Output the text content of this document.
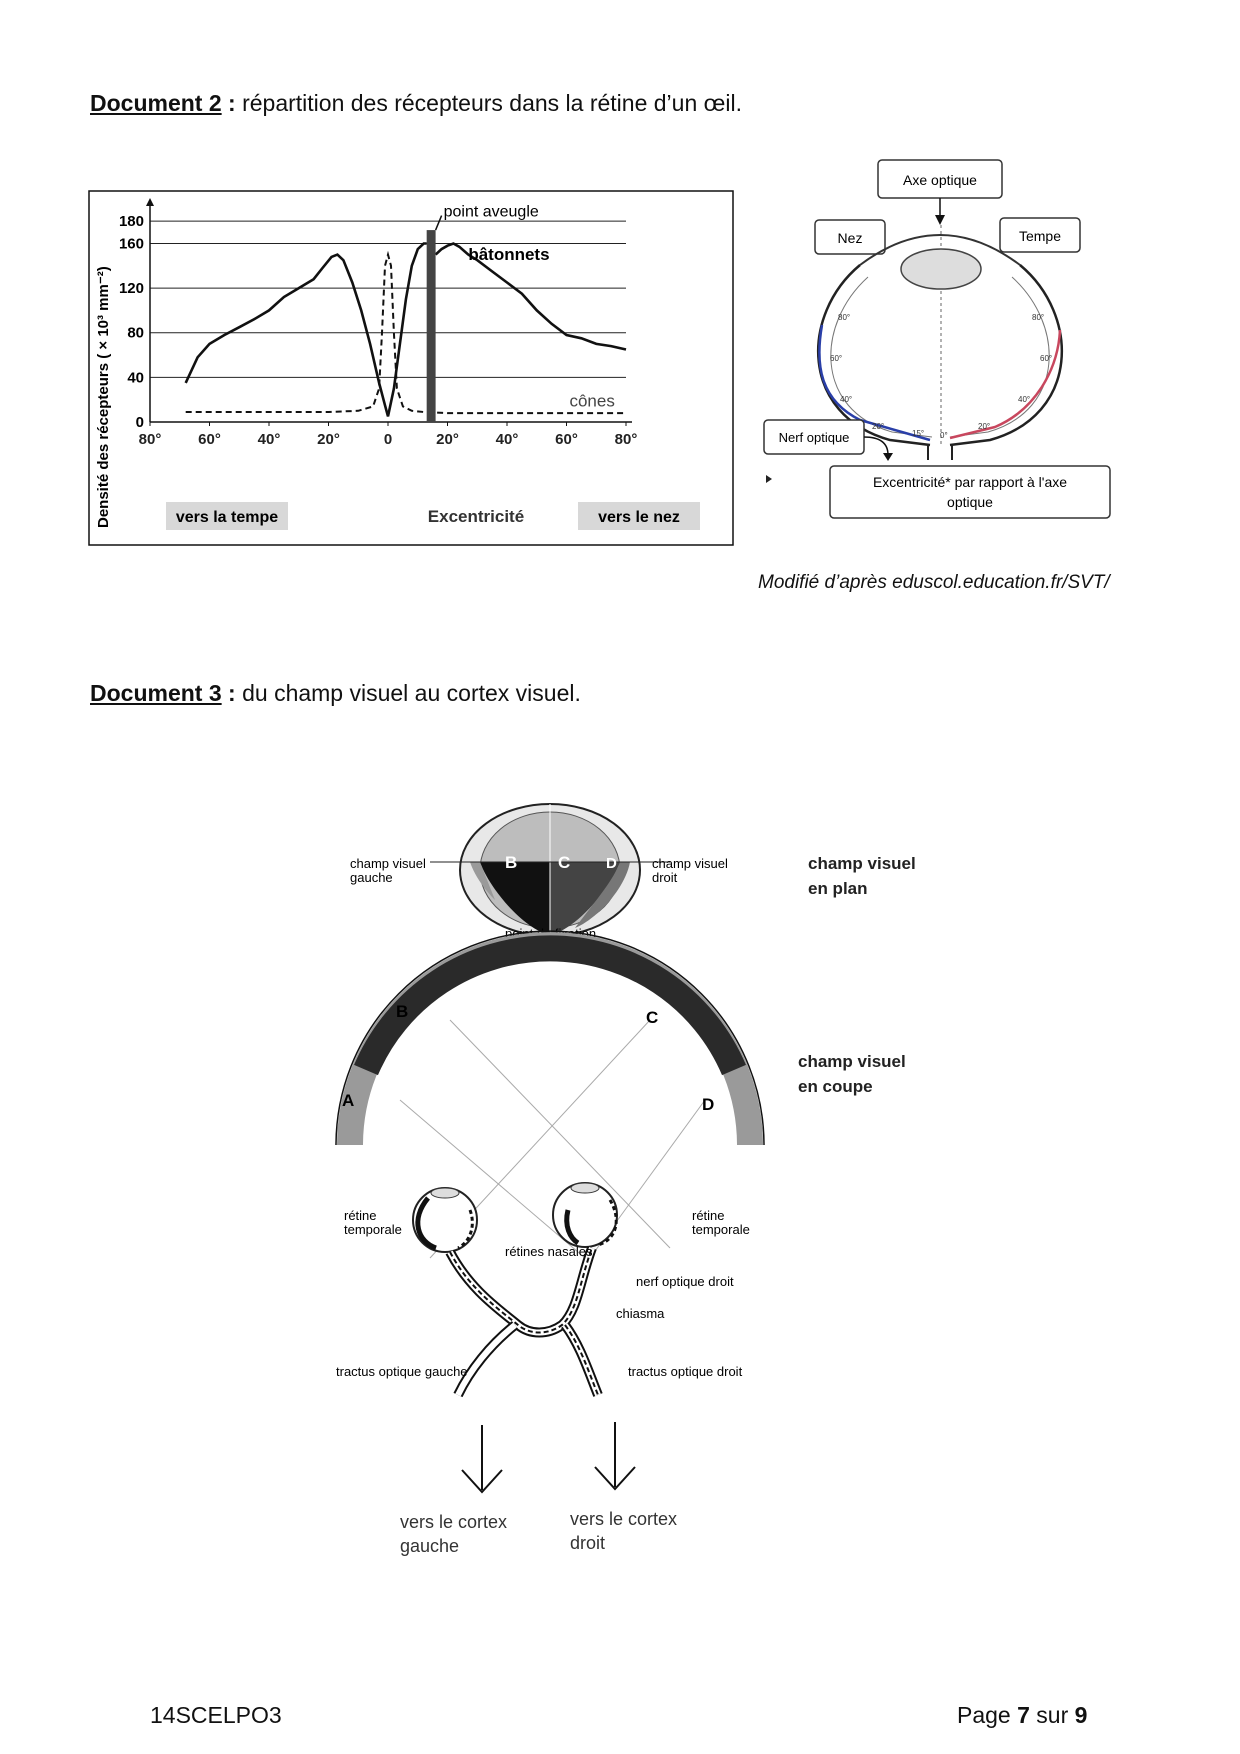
Document 2 : répartition des récepteurs dans la rétine d’un œil.
0
40
80
120
160
180
80° 60° 40° 20°	0	20° 40° 60° 80°
point aveugle
bâtonnets
cônes
Densité des récepteurs ( × 10³ mm⁻²)	vers la tempe	vers le nez
Excentricité
Axe optique
Nez	Tempe
80°
60°
40°
20°
15° 0°
20°
40°
60°
80°
Nerf optique
Excentricité* par rapport à l'axe
optique
Modifié d’après eduscol.education.fr/SVT/
Document 3 : du champ visuel au cortex visuel.
B C D
champ visuel
gauche
champ visuel
droit
point de fixation
champ visuel
en plan
B	C
A	D
champ visuel
en coupe
rétine
temporale
rétine
temporale
rétines nasales
nerf optique droit
chiasma
tractus optique gauche	tractus optique droit
vers le cortex
gauche
vers le cortex
droit
14SCELPO3	Page 7 sur 9
